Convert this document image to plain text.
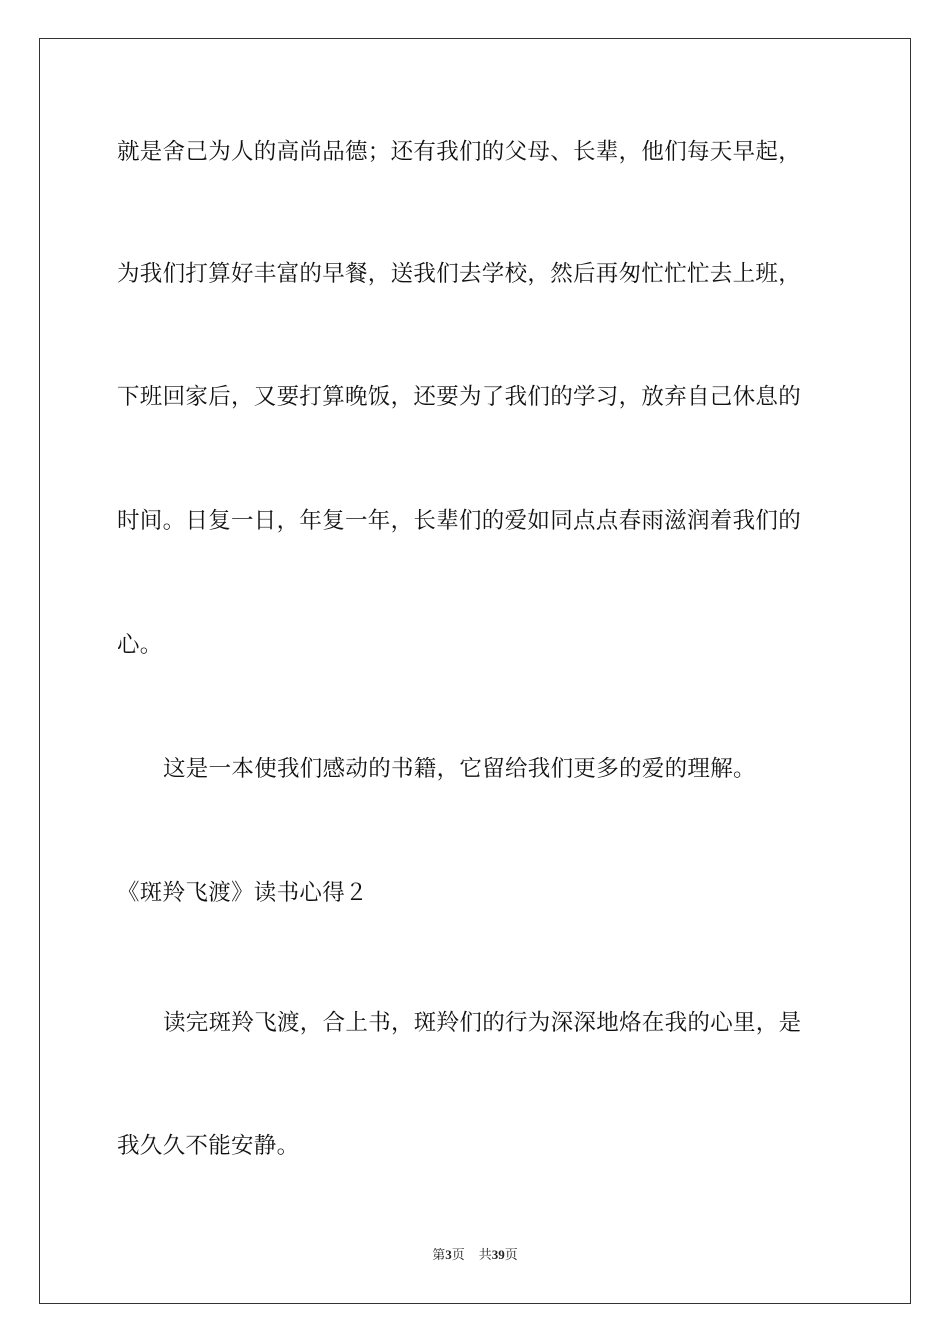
就是舍己为人的高尚品德；还有我们的父母、长辈，他们每天早起，
为我们打算好丰富的早餐，送我们去学校，然后再匆忙忙忙去上班，
下班回家后，又要打算晚饭，还要为了我们的学习，放弃自己休息的
时间。日复一日，年复一年，长辈们的爱如同点点春雨滋润着我们的
心。
这是一本使我们感动的书籍，它留给我们更多的爱的理解。
《斑羚飞渡》读书心得２
读完斑羚飞渡，合上书，斑羚们的行为深深地烙在我的心里，是
我久久不能安静。
第3页 共39页
